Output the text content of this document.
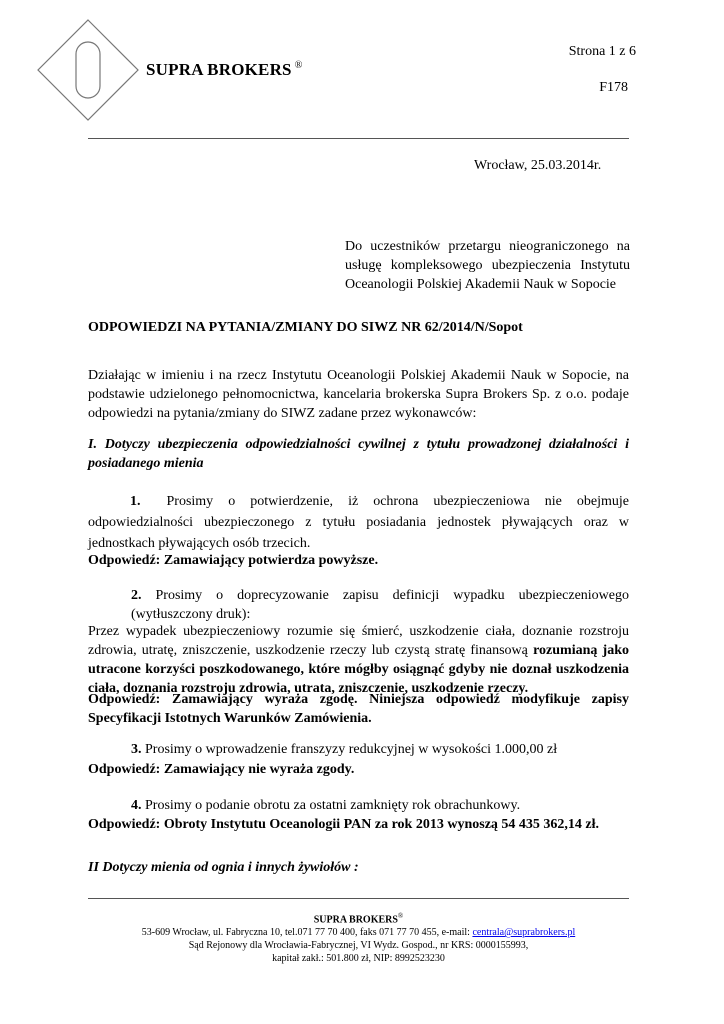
SUPRA BROKERS ®
Strona 1 z 6
F178
Wrocław, 25.03.2014r.
Do uczestników przetargu nieograniczonego na usługę kompleksowego ubezpieczenia Instytutu Oceanologii Polskiej Akademii Nauk w Sopocie
ODPOWIEDZI NA PYTANIA/ZMIANY DO SIWZ NR 62/2014/N/Sopot
Działając w imieniu i na rzecz Instytutu Oceanologii Polskiej Akademii Nauk w Sopocie, na podstawie udzielonego pełnomocnictwa, kancelaria brokerska Supra Brokers Sp. z o.o. podaje odpowiedzi na pytania/zmiany do SIWZ zadane przez wykonawców:
I. Dotyczy ubezpieczenia odpowiedzialności cywilnej z tytułu prowadzonej działalności i posiadanego mienia
1. Prosimy o potwierdzenie, iż ochrona ubezpieczeniowa nie obejmuje odpowiedzialności ubezpieczonego z tytułu posiadania jednostek pływających oraz w jednostkach pływających osób trzecich.
Odpowiedź: Zamawiający potwierdza powyższe.
2. Prosimy o doprecyzowanie zapisu definicji wypadku ubezpieczeniowego (wytłuszczony druk):
Przez wypadek ubezpieczeniowy rozumie się śmierć, uszkodzenie ciała, doznanie rozstroju zdrowia, utratę, zniszczenie, uszkodzenie rzeczy lub czystą stratę finansową rozumianą jako utracone korzyści poszkodowanego, które mógłby osiągnąć gdyby nie doznał uszkodzenia ciała, doznania rozstroju zdrowia, utrata, zniszczenie, uszkodzenie rzeczy.
Odpowiedź: Zamawiający wyraża zgodę. Niniejsza odpowiedź modyfikuje zapisy Specyfikacji Istotnych Warunków Zamówienia.
3. Prosimy o wprowadzenie franszyzy redukcyjnej w wysokości 1.000,00 zł
Odpowiedź: Zamawiający nie wyraża zgody.
4. Prosimy o podanie obrotu za ostatni zamknięty rok obrachunkowy.
Odpowiedź: Obroty Instytutu Oceanologii PAN za rok 2013 wynoszą 54 435 362,14 zł.
II Dotyczy mienia od ognia i innych żywiołów :
SUPRA BROKERS®
53-609 Wrocław, ul. Fabryczna 10, tel.071 77 70 400, faks 071 77 70 455, e-mail: centrala@suprabrokers.pl
Sąd Rejonowy dla Wrocławia-Fabrycznej, VI Wydz. Gospod., nr KRS: 0000155993,
kapitał zakł.: 501.800 zł, NIP: 8992523230
